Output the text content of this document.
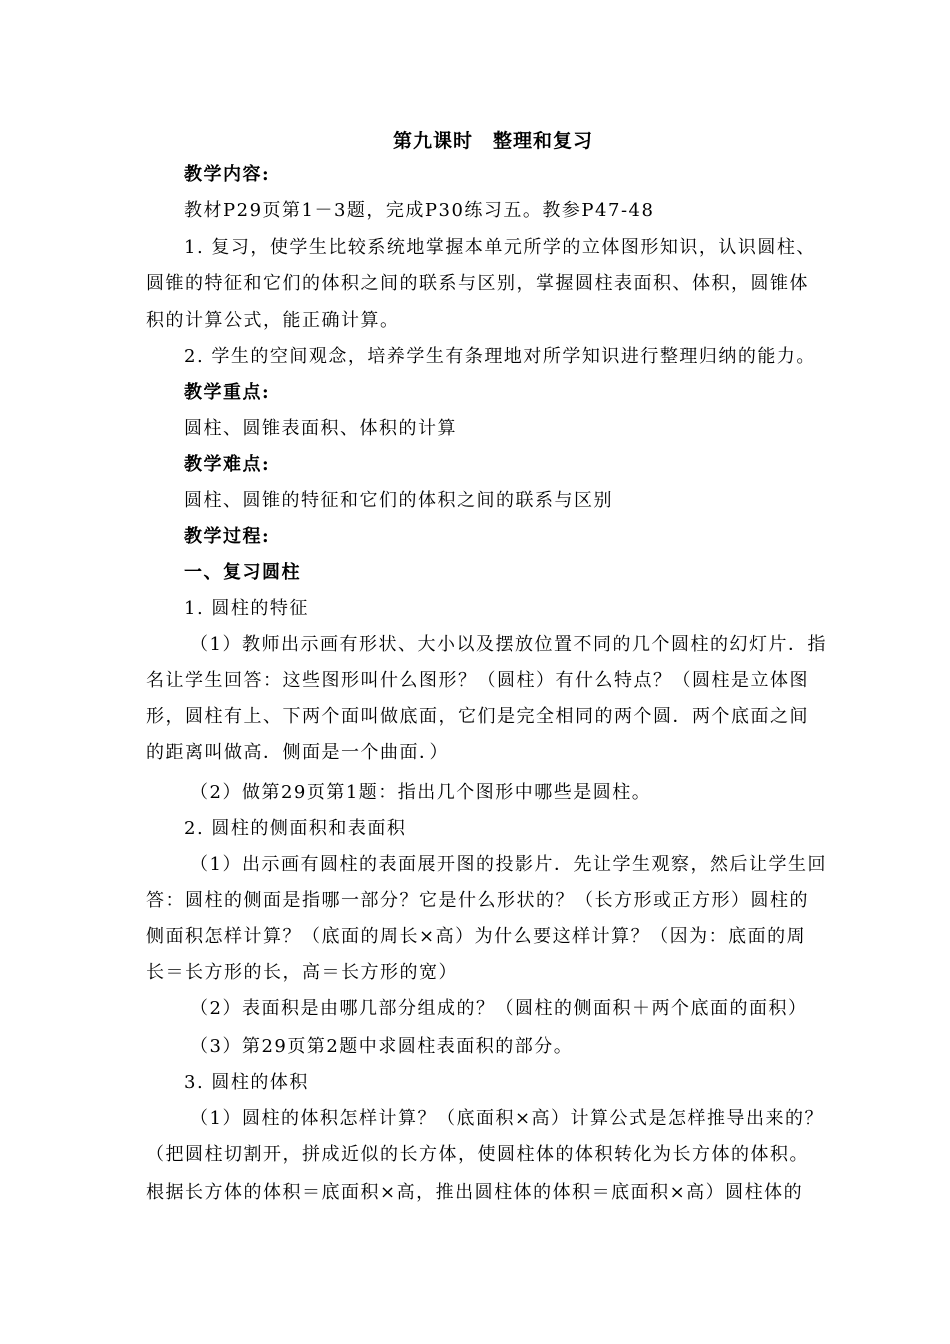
第九课时　整理和复习
教学内容:
教材P29页第1－3题，完成P30练习五。教参P47-48
1. 复习，使学生比较系统地掌握本单元所学的立体图形知识，认识圆柱、
圆锥的特征和它们的体积之间的联系与区别，掌握圆柱表面积、体积，圆锥体
积的计算公式，能正确计算。
2. 学生的空间观念，培养学生有条理地对所学知识进行整理归纳的能力。
教学重点:
圆柱、圆锥表面积、体积的计算
教学难点:
圆柱、圆锥的特征和它们的体积之间的联系与区别
教学过程:
一、复习圆柱
1. 圆柱的特征
（1）教师出示画有形状、大小以及摆放位置不同的几个圆柱的幻灯片．指
名让学生回答：这些图形叫什么图形？（圆柱）有什么特点？（圆柱是立体图
形，圆柱有上、下两个面叫做底面，它们是完全相同的两个圆．两个底面之间
的距离叫做高．侧面是一个曲面．）
（2）做第29页第1题：指出几个图形中哪些是圆柱。
2. 圆柱的侧面积和表面积
（1）出示画有圆柱的表面展开图的投影片．先让学生观察，然后让学生回
答：圆柱的侧面是指哪一部分？它是什么形状的？（长方形或正方形）圆柱的
侧面积怎样计算？（底面的周长×高）为什么要这样计算？（因为：底面的周
长＝长方形的长，高＝长方形的宽）
（2）表面积是由哪几部分组成的？（圆柱的侧面积＋两个底面的面积）
（3）第29页第2题中求圆柱表面积的部分。
3. 圆柱的体积
（1）圆柱的体积怎样计算？（底面积×高）计算公式是怎样推导出来的？
（把圆柱切割开，拼成近似的长方体，使圆柱体的体积转化为长方体的体积。
根据长方体的体积＝底面积×高，推出圆柱体的体积＝底面积×高）圆柱体的
